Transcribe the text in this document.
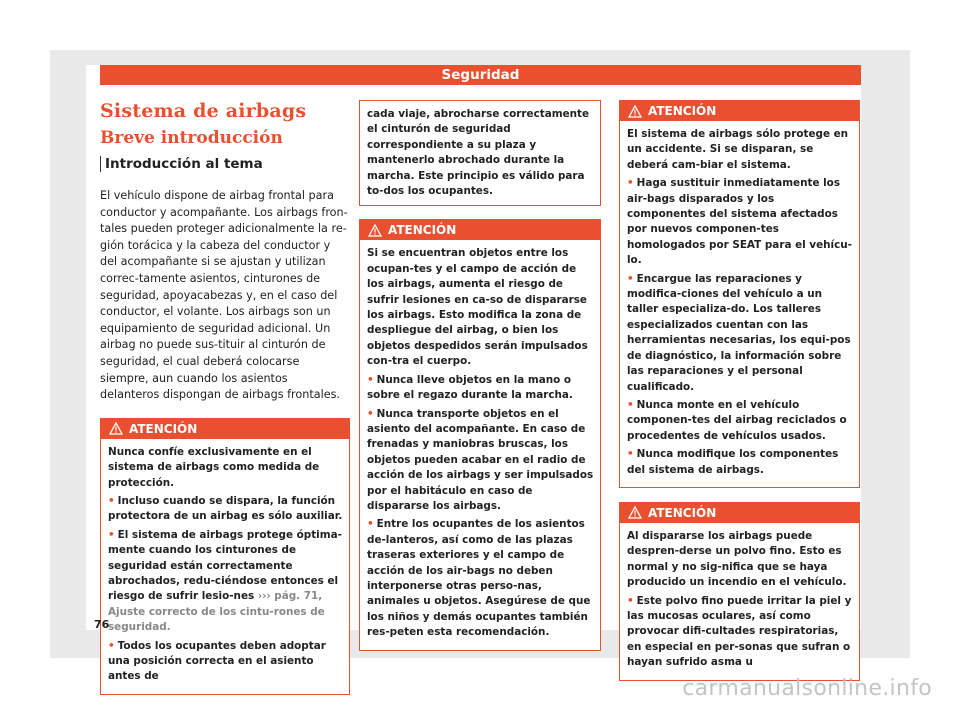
Seguridad
Sistema de airbags
Breve introducción
Introducción al tema
El vehículo dispone de airbag frontal para conductor y acompañante. Los airbags fron-tales pueden proteger adicionalmente la re-gión torácica y la cabeza del conductor y del acompañante si se ajustan y utilizan correc-tamente asientos, cinturones de seguridad, apoyacabezas y, en el caso del conductor, el volante. Los airbags son un equipamiento de seguridad adicional. Un airbag no puede sus-tituir al cinturón de seguridad, el cual deberá colocarse siempre, aun cuando los asientos delanteros dispongan de airbags frontales.
ATENCIÓN

Nunca confíe exclusivamente en el sistema de airbags como medida de protección.

• Incluso cuando se dispara, la función protectora de un airbag es sólo auxiliar.

• El sistema de airbags protege óptima-mente cuando los cinturones de seguridad están correctamente abrochados, redu-ciéndose entonces el riesgo de sufrir lesio-nes ››› pág. 71, Ajuste correcto de los cintu-rones de seguridad.

• Todos los ocupantes deben adoptar una posición correcta en el asiento antes de

cada viaje, abrocharse correctamente el cinturón de seguridad correspondiente a su plaza y mantenerlo abrochado durante la marcha. Este principio es válido para to-dos los ocupantes.
ATENCIÓN

Si se encuentran objetos entre los ocupan-tes y el campo de acción de los airbags, aumenta el riesgo de sufrir lesiones en ca-so de dispararse los airbags. Esto modifica la zona de despliegue del airbag, o bien los objetos despedidos serán impulsados con-tra el cuerpo.

• Nunca lleve objetos en la mano o sobre el regazo durante la marcha.

• Nunca transporte objetos en el asiento del acompañante. En caso de frenadas y maniobras bruscas, los objetos pueden acabar en el radio de acción de los airbags y ser impulsados por el habitáculo en caso de dispararse los airbags.

• Entre los ocupantes de los asientos de-lanteros, así como de las plazas traseras exteriores y el campo de acción de los air-bags no deben interponerse otras perso-nas, animales u objetos. Asegúrese de que los niños y demás ocupantes también res-peten esta recomendación.

ATENCIÓN

El sistema de airbags sólo protege en un accidente. Si se disparan, se deberá cam-biar el sistema.

• Haga sustituir inmediatamente los air-bags disparados y los componentes del sistema afectados por nuevos componen-tes homologados por SEAT para el vehícu-lo.

• Encargue las reparaciones y modifica-ciones del vehículo a un taller especializa-do. Los talleres especializados cuentan con las herramientas necesarias, los equi-pos de diagnóstico, la información sobre las reparaciones y el personal cualificado.

• Nunca monte en el vehículo componen-tes del airbag reciclados o procedentes de vehículos usados.

• Nunca modifique los componentes del sistema de airbags.

ATENCIÓN

Al dispararse los airbags puede despren-derse un polvo fino. Esto es normal y no sig-nifica que se haya producido un incendio en el vehículo.

• Este polvo fino puede irritar la piel y las mucosas oculares, así como provocar difi-cultades respiratorias, en especial en per-sonas que sufran o hayan sufrido asma u

76
carmanualsonline.info
